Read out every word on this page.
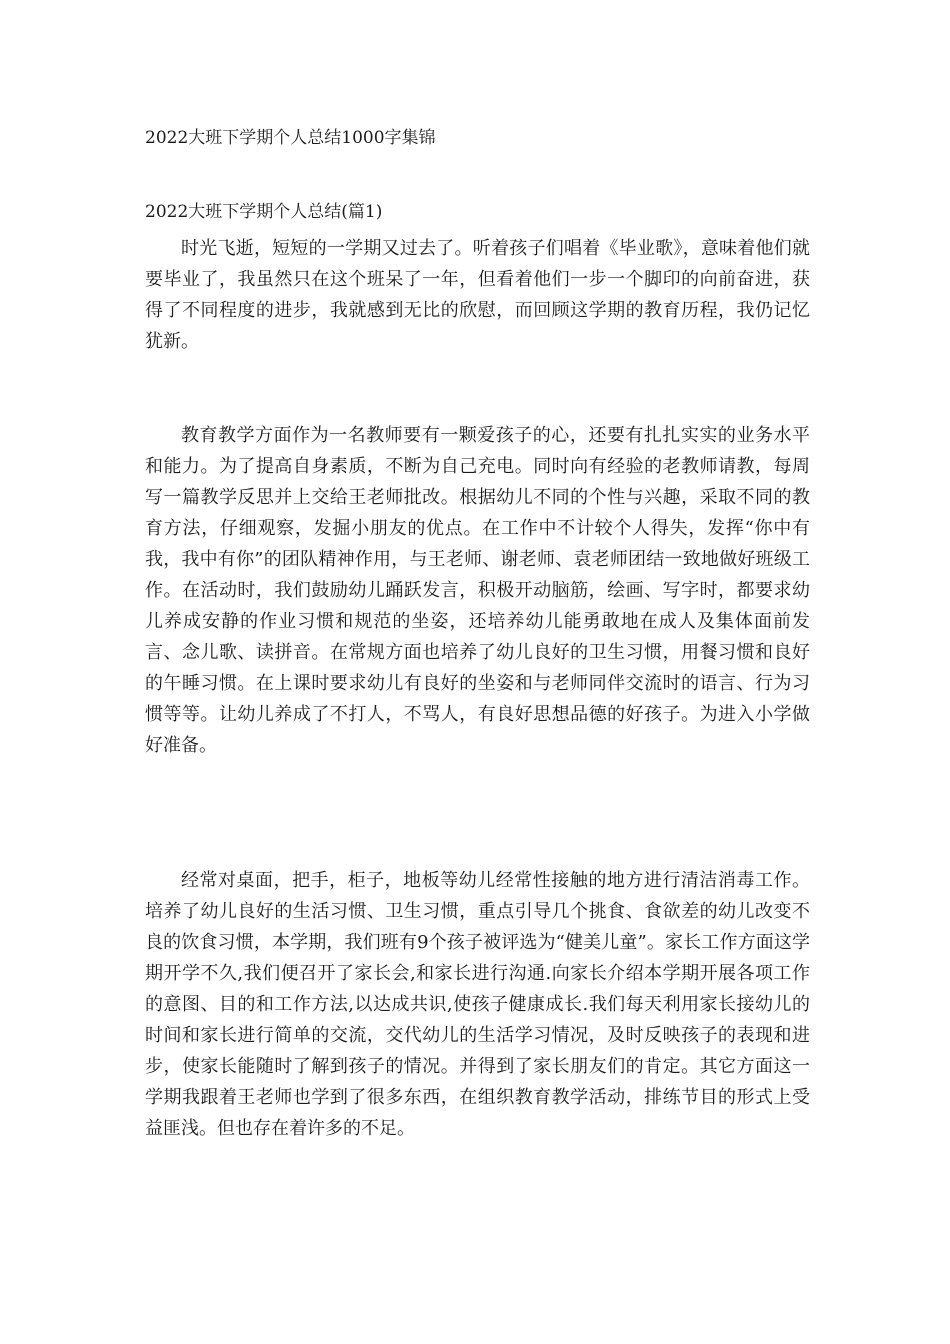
2022大班下学期个人总结1000字集锦
2022大班下学期个人总结(篇1)

时光飞逝，短短的一学期又过去了。听着孩子们唱着《毕业歌》，意味着他们就要毕业了，我虽然只在这个班呆了一年，但看着他们一步一个脚印的向前奋进，获得了不同程度的进步，我就感到无比的欣慰，而回顾这学期的教育历程，我仍记忆犹新。

教育教学方面作为一名教师要有一颗爱孩子的心，还要有扎扎实实的业务水平和能力。为了提高自身素质，不断为自己充电。同时向有经验的老教师请教，每周写一篇教学反思并上交给王老师批改。根据幼儿不同的个性与兴趣，采取不同的教育方法，仔细观察，发掘小朋友的优点。在工作中不计较个人得失，发挥“你中有我，我中有你”的团队精神作用，与王老师、谢老师、袁老师团结一致地做好班级工作。在活动时，我们鼓励幼儿踊跃发言，积极开动脑筋，绘画、写字时，都要求幼儿养成安静的作业习惯和规范的坐姿，还培养幼儿能勇敢地在成人及集体面前发言、念儿歌、读拼音。在常规方面也培养了幼儿良好的卫生习惯，用餐习惯和良好的午睡习惯。在上课时要求幼儿有良好的坐姿和与老师同伴交流时的语言、行为习惯等等。让幼儿养成了不打人，不骂人，有良好思想品德的好孩子。为进入小学做好准备。

经常对桌面，把手，柜子，地板等幼儿经常性接触的地方进行清洁消毒工作。培养了幼儿良好的生活习惯、卫生习惯，重点引导几个挑食、食欲差的幼儿改变不良的饮食习惯，本学期，我们班有9个孩子被评选为“健美儿童”。家长工作方面这学期开学不久,我们便召开了家长会,和家长进行沟通.向家长介绍本学期开展各项工作的意图、目的和工作方法,以达成共识,使孩子健康成长.我们每天利用家长接幼儿的时间和家长进行简单的交流，交代幼儿的生活学习情况，及时反映孩子的表现和进步，使家长能随时了解到孩子的情况。并得到了家长朋友们的肯定。其它方面这一学期我跟着王老师也学到了很多东西，在组织教育教学活动，排练节目的形式上受益匪浅。但也存在着许多的不足。
